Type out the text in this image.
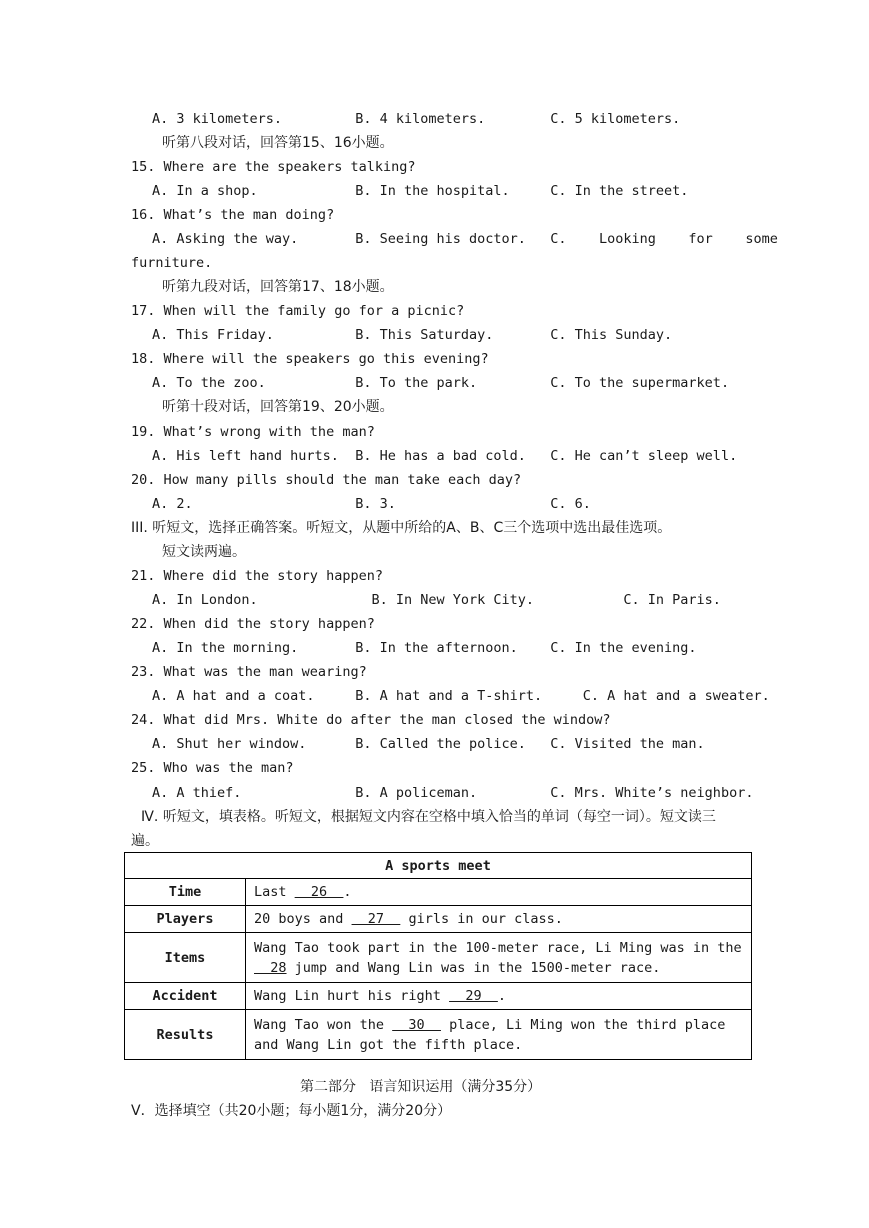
A. 3 kilometers.         B. 4 kilometers.        C. 5 kilometers.
听第八段对话，回答第15、16小题。
15. Where are the speakers talking?
A. In a shop.            B. In the hospital.     C. In the street.
16. What’s the man doing?
A. Asking the way.       B. Seeing his doctor.   C.    Looking    for    some
furniture.
听第九段对话，回答第17、18小题。
17. When will the family go for a picnic?
A. This Friday.          B. This Saturday.       C. This Sunday.
18. Where will the speakers go this evening?
A. To the zoo.           B. To the park.         C. To the supermarket.
听第十段对话，回答第19、20小题。
19. What’s wrong with the man?
A. His left hand hurts.  B. He has a bad cold.   C. He can’t sleep well.
20. How many pills should the man take each day?
A. 2.                    B. 3.                   C. 6.
III. 听短文，选择正确答案。听短文，从题中所给的A、B、C三个选项中选出最佳选项。
短文读两遍。
21. Where did the story happen?
A. In London.              B. In New York City.           C. In Paris.
22. When did the story happen?
A. In the morning.       B. In the afternoon.    C. In the evening.
23. What was the man wearing?
A. A hat and a coat.     B. A hat and a T-shirt.     C. A hat and a sweater.
24. What did Mrs. White do after the man closed the window?
A. Shut her window.      B. Called the police.   C. Visited the man.
25. Who was the man?
A. A thief.              B. A policeman.         C. Mrs. White’s neighbor.
Ⅳ. 听短文，填表格。听短文，根据短文内容在空格中填入恰当的单词（每空一词）。短文读三
遍。
第二部分   语言知识运用（满分35分）
V．选择填空（共20小题；每小题1分，满分20分）
A sports meet	
Time	Last   26  .
Players	20 boys and   27   girls in our class.
Items	Wang Tao took part in the 100-meter race, Li Ming was in the   28 jump and Wang Lin was in the 1500-meter race.
Accident	Wang Lin hurt his right   29  .
Results	Wang Tao won the   30   place, Li Ming won the third place and Wang Lin got the fifth place.
